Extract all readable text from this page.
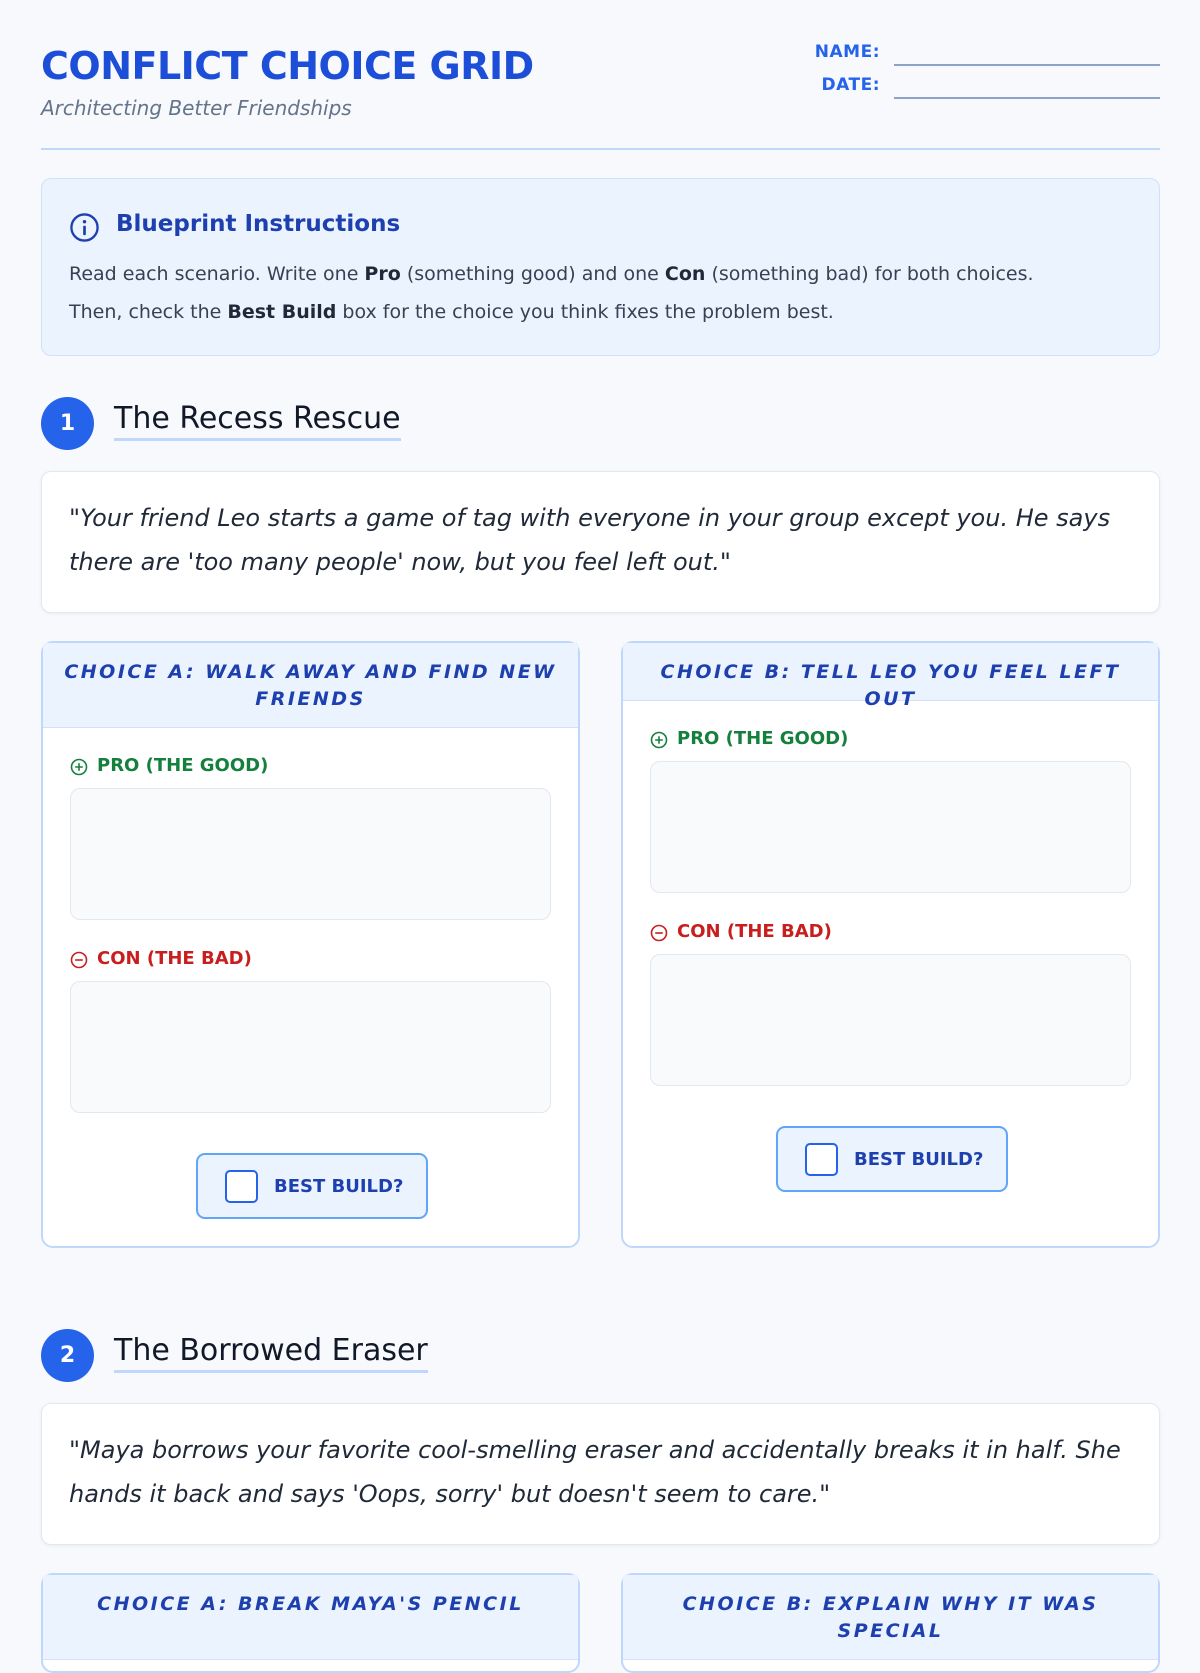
CONFLICT CHOICE GRID
Architecting Better Friendships
NAME:
DATE:
Blueprint Instructions
Read each scenario. Write one Pro (something good) and one Con (something bad) for both choices.
Then, check the Best Build box for the choice you think fixes the problem best.
1	The Recess Rescue
"Your friend Leo starts a game of tag with everyone in your group except you. He says there are 'too many people' now, but you feel left out."
CHOICE A: WALK AWAY AND FIND NEW FRIENDS
PRO (THE GOOD)
CON (THE BAD)
BEST BUILD?
CHOICE B: TELL LEO YOU FEEL LEFT OUT
PRO (THE GOOD)
CON (THE BAD)
BEST BUILD?
2	The Borrowed Eraser
"Maya borrows your favorite cool-smelling eraser and accidentally breaks it in half. She hands it back and says 'Oops, sorry' but doesn't seem to care."
CHOICE A: BREAK MAYA'S PENCIL	CHOICE B: EXPLAIN WHY IT WAS SPECIAL
